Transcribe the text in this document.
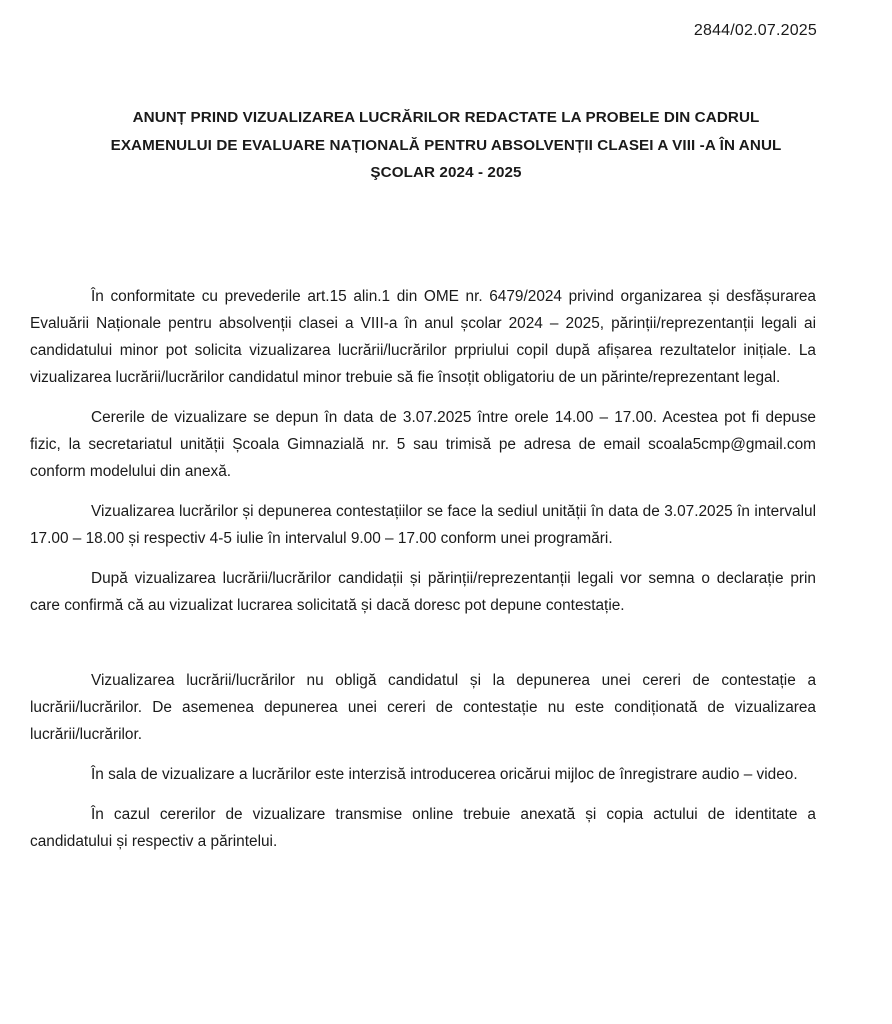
2844/02.07.2025
ANUNȚ PRIND VIZUALIZAREA LUCRĂRILOR REDACTATE LA PROBELE DIN CADRUL
EXAMENULUI DE EVALUARE NAȚIONALĂ PENTRU ABSOLVENȚII CLASEI A VIII -A ÎN ANUL
ŞCOLAR 2024 - 2025

În conformitate cu prevederile art.15 alin.1 din OME nr. 6479/2024 privind organizarea și desfășurarea Evaluării Naționale pentru absolvenții clasei a VIII-a în anul școlar 2024 – 2025, părinții/reprezentanții legali ai candidatului minor pot solicita vizualizarea lucrării/lucrărilor prpriului copil după afișarea rezultatelor inițiale. La vizualizarea lucrării/lucrărilor candidatul minor trebuie să fie însoțit obligatoriu de un părinte/reprezentant legal.

Cererile de vizualizare se depun în data de 3.07.2025 între orele 14.00 – 17.00. Acestea pot fi depuse fizic, la secretariatul unității Școala Gimnazială nr. 5 sau trimisă pe adresa de email scoala5cmp@gmail.com conform modelului din anexă.

Vizualizarea lucrărilor și depunerea contestațiilor se face la sediul unității în data de 3.07.2025 în intervalul 17.00 – 18.00 și respectiv 4-5 iulie în intervalul 9.00 – 17.00 conform unei programări.

După vizualizarea lucrării/lucrărilor candidații și părinții/reprezentanții legali vor semna o declarație prin care confirmă că au vizualizat lucrarea solicitată și dacă doresc pot depune contestație.

Vizualizarea lucrării/lucrărilor nu obligă candidatul și la depunerea unei cereri de contestație a lucrării/lucrărilor. De asemenea depunerea unei cereri de contestație nu este condiționată de vizualizarea lucrării/lucrărilor.

În sala de vizualizare a lucrărilor este interzisă introducerea oricărui mijloc de înregistrare audio – video.

În cazul cererilor de vizualizare transmise online trebuie anexată și copia actului de identitate a candidatului și respectiv a părintelui.
